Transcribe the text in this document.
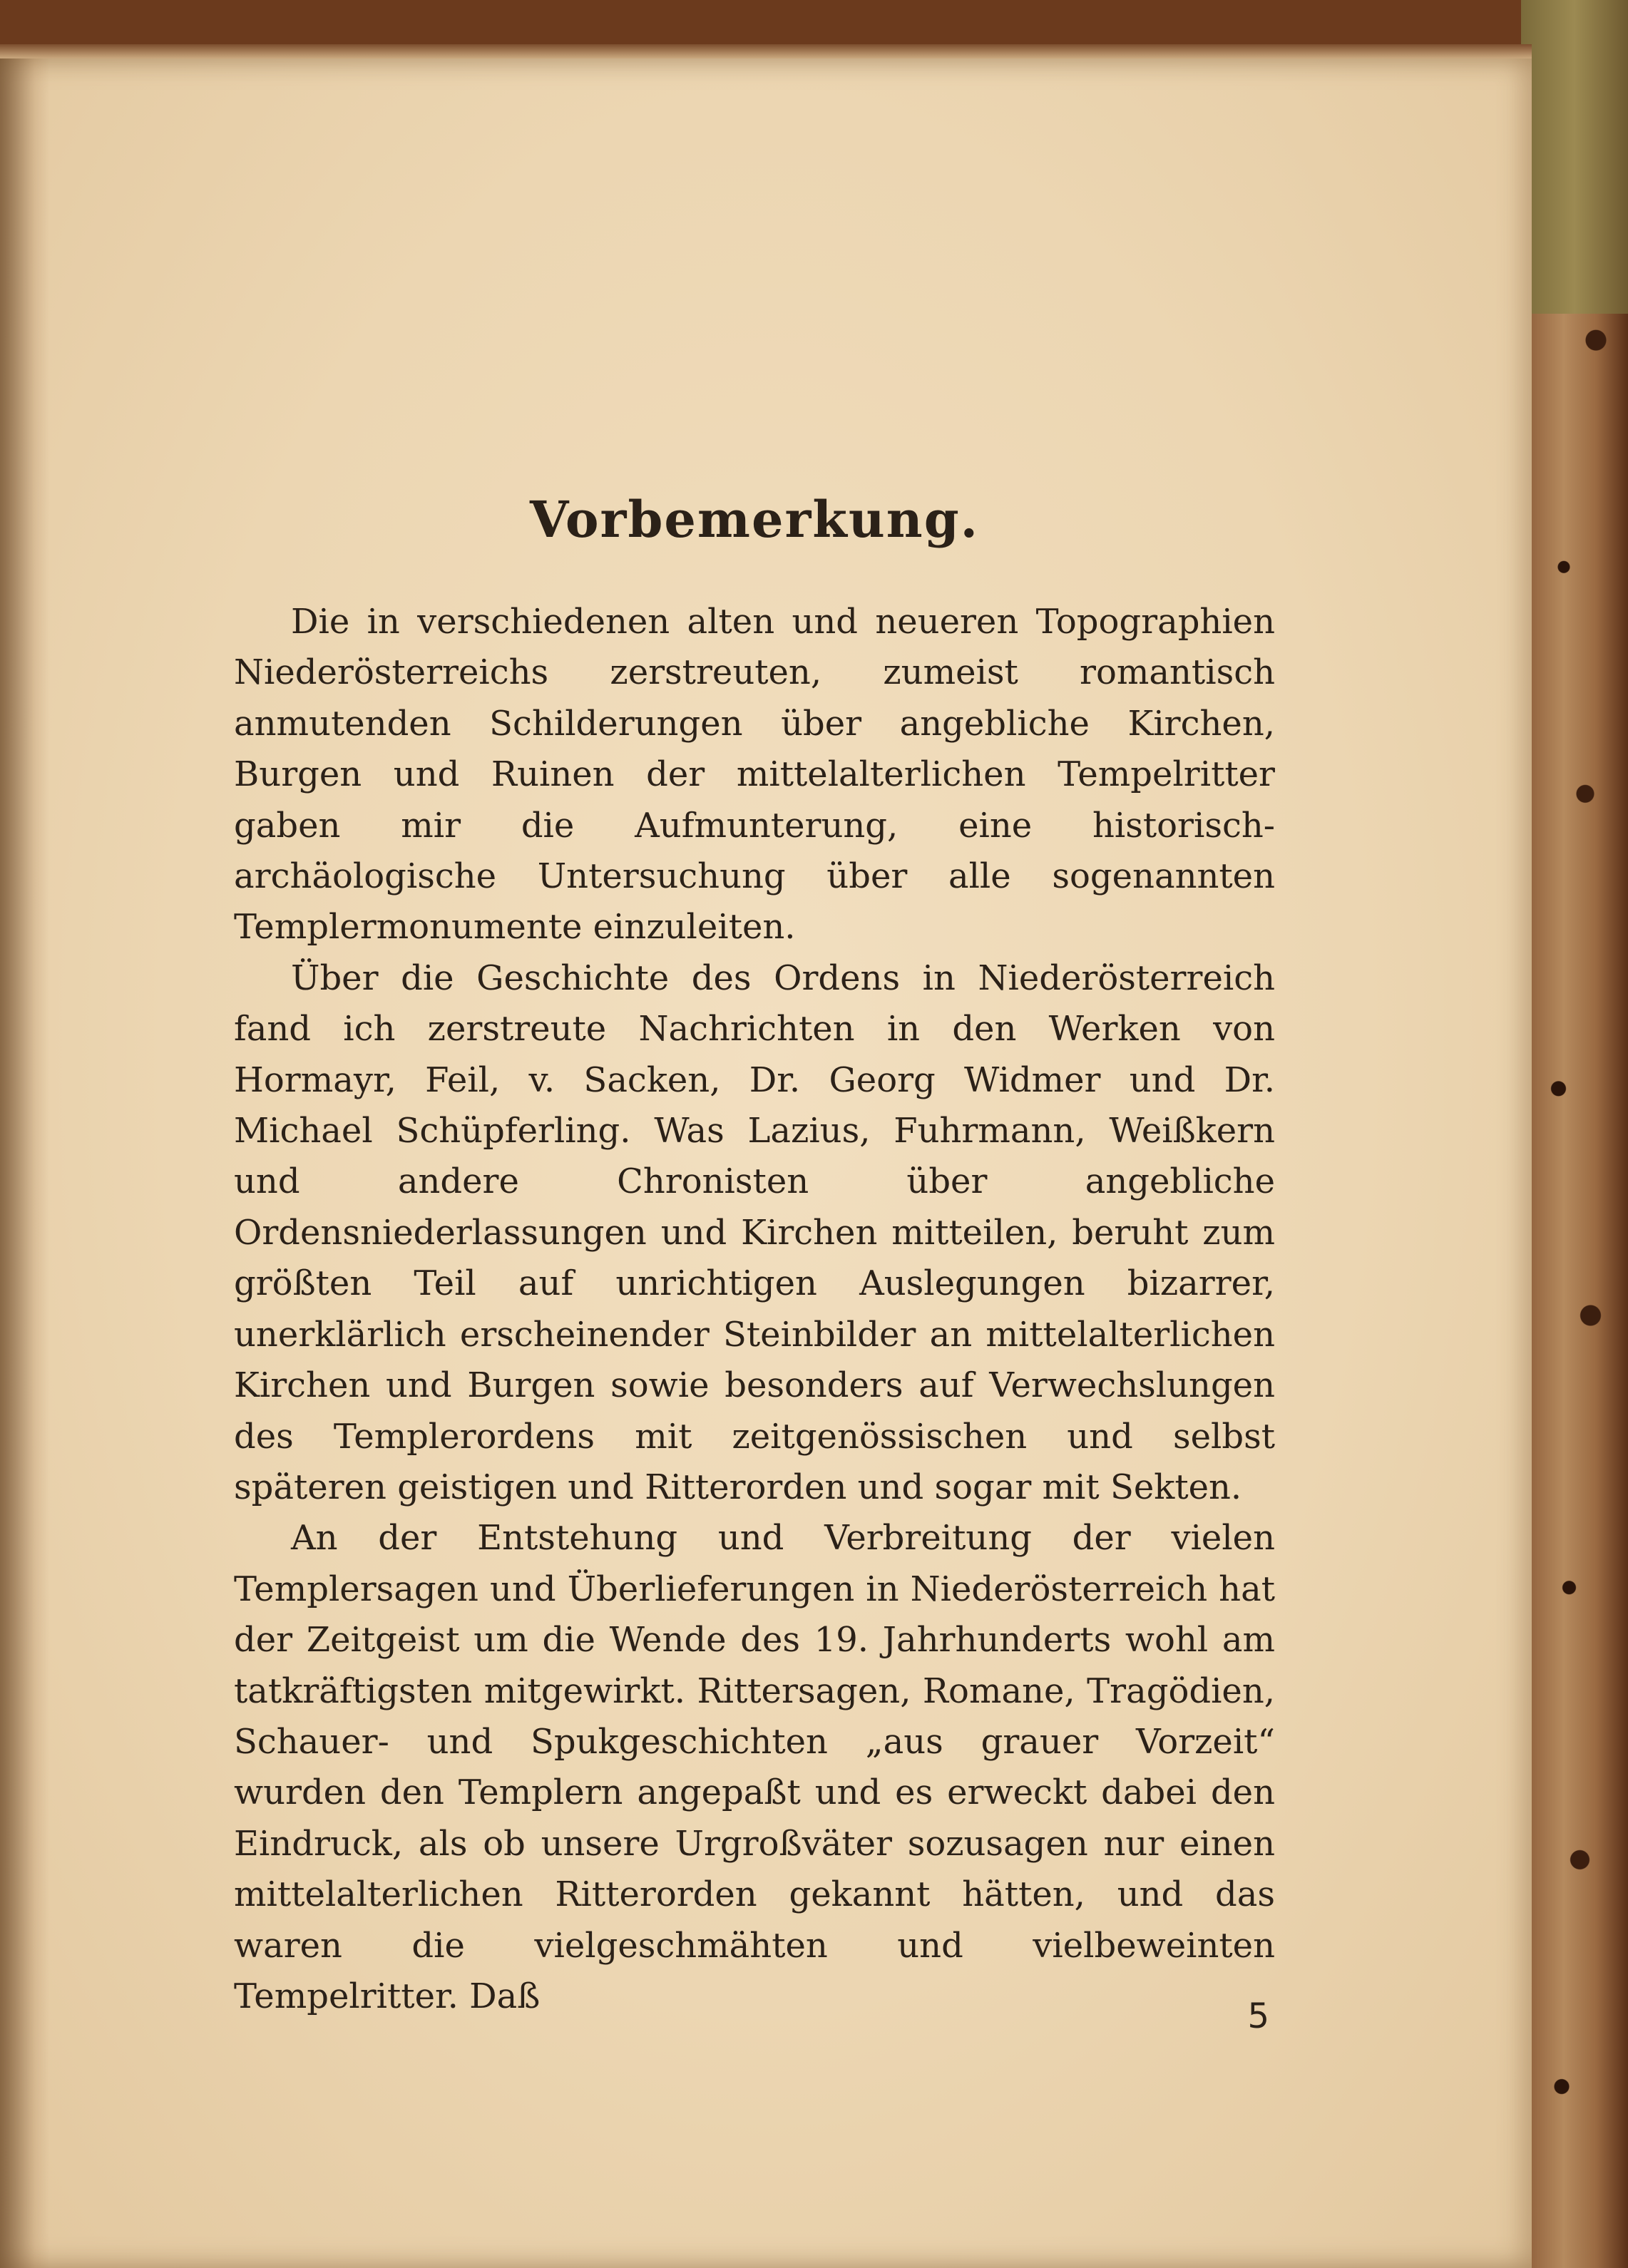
Vorbemerkung.

Die in verschiedenen alten und neueren Topographien Niederösterreichs zerstreuten, zumeist romantisch anmutenden Schilderungen über angebliche Kirchen, Burgen und Ruinen der mittelalterlichen Tempelritter gaben mir die Aufmunterung, eine historisch-archäologische Untersuchung über alle sogenannten Templermonumente einzuleiten.

Über die Geschichte des Ordens in Niederösterreich fand ich zerstreute Nachrichten in den Werken von Hormayr, Feil, v. Sacken, Dr. Georg Widmer und Dr. Michael Schüpferling. Was Lazius, Fuhrmann, Weißkern und andere Chronisten über angebliche Ordensniederlassungen und Kirchen mitteilen, beruht zum größten Teil auf unrichtigen Auslegungen bizarrer, unerklärlich erscheinender Steinbilder an mittelalterlichen Kirchen und Burgen sowie besonders auf Verwechslungen des Templerordens mit zeitgenössischen und selbst späteren geistigen und Ritterorden und sogar mit Sekten.

An der Entstehung und Verbreitung der vielen Templersagen und Überlieferungen in Niederösterreich hat der Zeitgeist um die Wende des 19. Jahrhunderts wohl am tatkräftigsten mitgewirkt. Rittersagen, Romane, Tragödien, Schauer- und Spukgeschichten „aus grauer Vorzeit“ wurden den Templern angepaßt und es erweckt dabei den Eindruck, als ob unsere Urgroßväter sozusagen nur einen mittelalterlichen Ritterorden gekannt hätten, und das waren die vielgeschmähten und vielbeweinten Tempelritter. Daß

5
